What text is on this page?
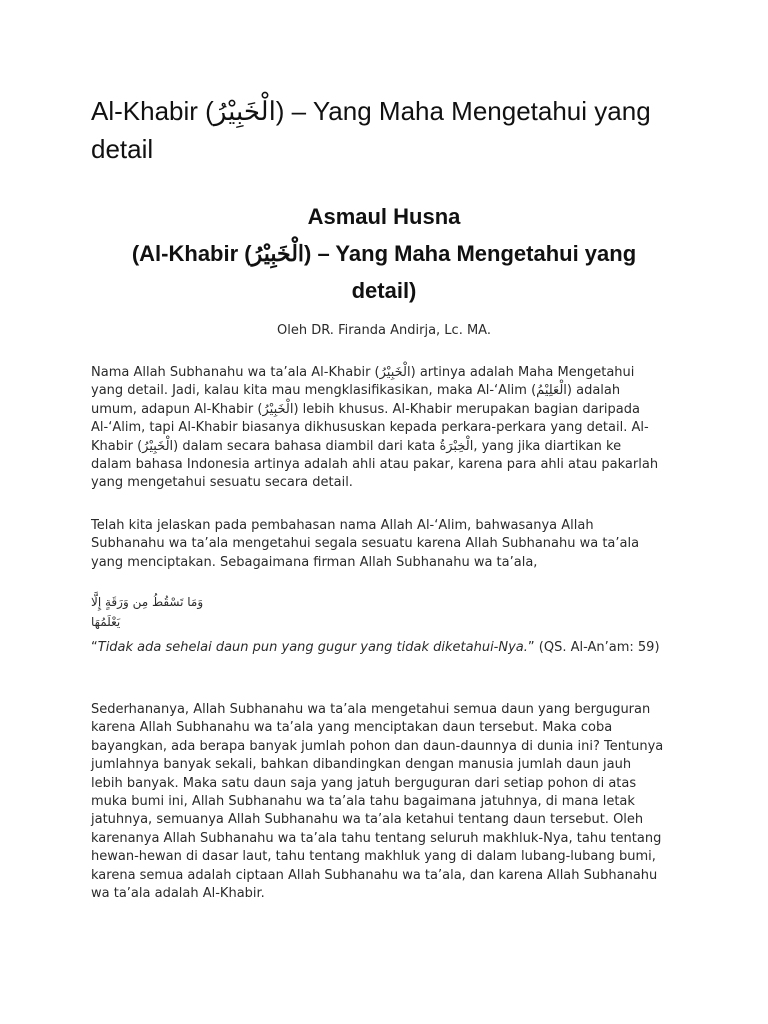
Al-Khabir (الْخَبِيْرُ) – Yang Maha Mengetahui yang detail
Asmaul Husna
(Al-Khabir (الْخَبِيْرُ) – Yang Maha Mengetahui yang
detail)

Oleh DR. Firanda Andirja, Lc. MA.

Nama Allah Subhanahu wa ta’ala Al-Khabir (الْخَبِيْرُ) artinya adalah Maha Mengetahui yang detail. Jadi, kalau kita mau mengklasifikasikan, maka Al-‘Alim (الْعَلِيْمُ) adalah umum, adapun Al-Khabir (الْخَبِيْرُ) lebih khusus. Al-Khabir merupakan bagian daripada Al-‘Alim, tapi Al-Khabir biasanya dikhususkan kepada perkara-perkara yang detail. Al-Khabir (الْخَبِيْرُ) dalam secara bahasa diambil dari kata الْخِبْرَةُ, yang jika diartikan ke dalam bahasa Indonesia artinya adalah ahli atau pakar, karena para ahli atau pakarlah yang mengetahui sesuatu secara detail.

Telah kita jelaskan pada pembahasan nama Allah Al-‘Alim, bahwasanya Allah Subhanahu wa ta’ala mengetahui segala sesuatu karena Allah Subhanahu wa ta’ala yang menciptakan. Sebagaimana firman Allah Subhanahu wa ta’ala,

وَمَا تَسْقُطُ مِن وَرَقَةٍ إِلَّا يَعْلَمُهَا

“Tidak ada sehelai daun pun yang gugur yang tidak diketahui-Nya.” (QS. Al-An’am: 59)

Sederhananya, Allah Subhanahu wa ta’ala mengetahui semua daun yang berguguran karena Allah Subhanahu wa ta’ala yang menciptakan daun tersebut. Maka coba bayangkan, ada berapa banyak jumlah pohon dan daun-daunnya di dunia ini? Tentunya jumlahnya banyak sekali, bahkan dibandingkan dengan manusia jumlah daun jauh lebih banyak. Maka satu daun saja yang jatuh berguguran dari setiap pohon di atas muka bumi ini, Allah Subhanahu wa ta’ala tahu bagaimana jatuhnya, di mana letak jatuhnya, semuanya Allah Subhanahu wa ta’ala ketahui tentang daun tersebut. Oleh karenanya Allah Subhanahu wa ta’ala tahu tentang seluruh makhluk-Nya, tahu tentang hewan-hewan di dasar laut, tahu tentang makhluk yang di dalam lubang-lubang bumi, karena semua adalah ciptaan Allah Subhanahu wa ta’ala, dan karena Allah Subhanahu wa ta’ala adalah Al-Khabir.
